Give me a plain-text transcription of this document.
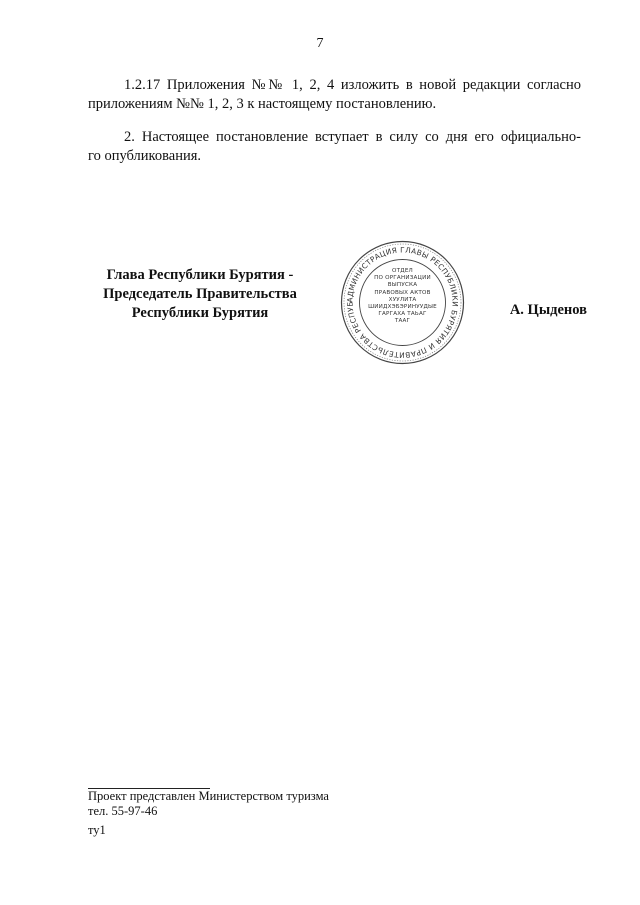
7
1.2.17 Приложения №№ 1, 2, 4 изложить в новой редакции согласно
приложениям №№ 1, 2, 3 к настоящему постановлению.
2. Настоящее постановление вступает в силу со дня его официально-
го опубликования.
Глава Республики Бурятия -
Председатель Правительства
Республики Бурятия
АДМИНИСТРАЦИЯ ГЛАВЫ РЕСПУБЛИКИ БУРЯТИЯ И ПРАВИТЕЛЬСТВА РЕСПУБ
ОТДЕЛ
ПО ОРГАНИЗАЦИИ
ВЫПУСКА
ПРАВОВЫХ АКТОВ
ХУУЛИТА
ШИИДХЭБЭРИНУУДЫЕ
ГАРГАХА ТАЬАГ
ТААГ
А. Цыденов
Проект представлен Министерством туризма
тел. 55-97-46
ту1
